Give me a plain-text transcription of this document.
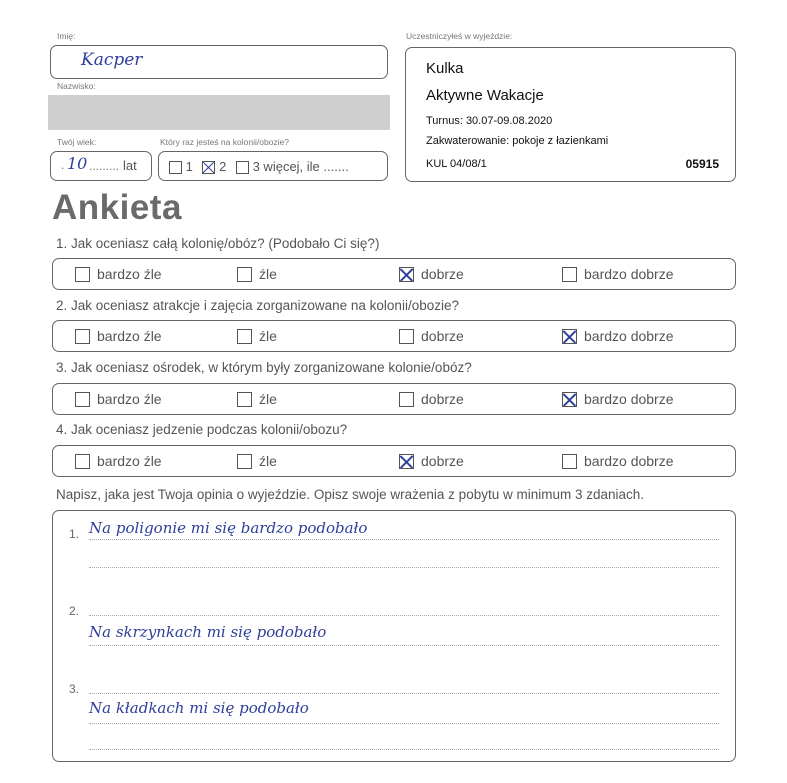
Imię:
Kacper
Nazwisko:
Twój wiek:	Który raz jesteś na kolonii/obozie?
. 10 ......... lat	1 2 3 więcej, ile .......
Uczestniczyłeś w wyjeździe:
Kulka
Aktywne Wakacje
Turnus: 30.07-09.08.2020
Zakwaterowanie: pokoje z łazienkami
KUL 04/08/1	05915
Ankieta
1. Jak oceniasz całą kolonię/obóz? (Podobało Ci się?)
bardzo źle	źle	dobrze	bardzo dobrze
2. Jak oceniasz atrakcje i zajęcia zorganizowane na kolonii/obozie?
bardzo źle	źle	dobrze	bardzo dobrze
3. Jak oceniasz ośrodek, w którym były zorganizowane kolonie/obóz?
bardzo źle	źle	dobrze	bardzo dobrze
4. Jak oceniasz jedzenie podczas kolonii/obozu?
bardzo źle	źle	dobrze	bardzo dobrze
Napisz, jaka jest Twoja opinia o wyjeździe. Opisz swoje wrażenia z pobytu w minimum 3 zdaniach.
1. Na poligonie mi się bardzo podobało
2.
Na skrzynkach mi się podobało
3.
Na kładkach mi się podobało
